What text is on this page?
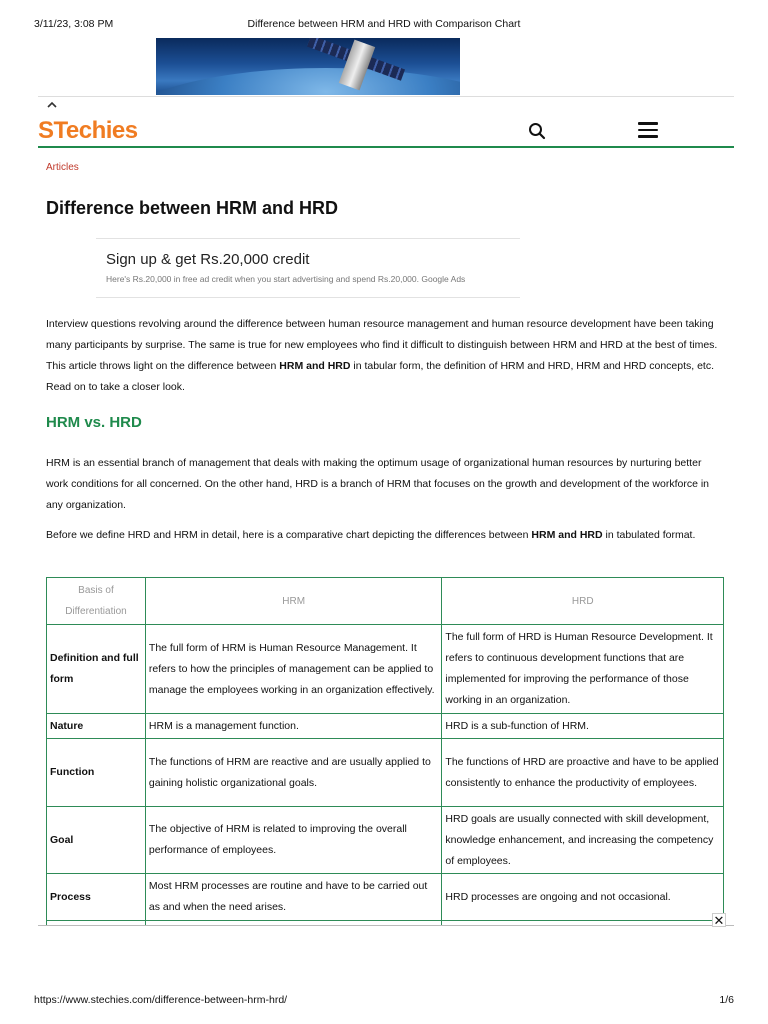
3/11/23, 3:08 PM	Difference between HRM and HRD with Comparison Chart
STechies
Articles
Difference between HRM and HRD
Sign up & get Rs.20,000 credit
Here's Rs.20,000 in free ad credit when you start advertising and spend Rs.20,000. Google Ads

Interview questions revolving around the difference between human resource management and human resource development have been taking many participants by surprise. The same is true for new employees who find it difficult to distinguish between HRM and HRD at the best of times. This article throws light on the difference between HRM and HRD in tabular form, the definition of HRM and HRD, HRM and HRD concepts, etc. Read on to take a closer look.

HRM vs. HRD

HRM is an essential branch of management that deals with making the optimum usage of organizational human resources by nurturing better work conditions for all concerned. On the other hand, HRD is a branch of HRM that focuses on the growth and development of the workforce in any organization.

Before we define HRD and HRM in detail, here is a comparative chart depicting the differences between HRM and HRD in tabulated format.

Basis of Differentiation	HRM	HRD
Definition and full form	The full form of HRM is Human Resource Management. It refers to how the principles of management can be applied to manage the employees working in an organization effectively.	The full form of HRD is Human Resource Development. It refers to continuous development functions that are implemented for improving the performance of those working in an organization.
Nature	HRM is a management function.	HRD is a sub-function of HRM.
Function	The functions of HRM are reactive and are usually applied to gaining holistic organizational goals.	The functions of HRD are proactive and have to be applied consistently to enhance the productivity of employees.
Goal	The objective of HRM is related to improving the overall performance of employees.	HRD goals are usually connected with skill development, knowledge enhancement, and increasing the competency of employees.
Process	Most HRM processes are routine and have to be carried out as and when the need arises.	HRD processes are ongoing and not occasional.

✕
https://www.stechies.com/difference-between-hrm-hrd/	1/6
